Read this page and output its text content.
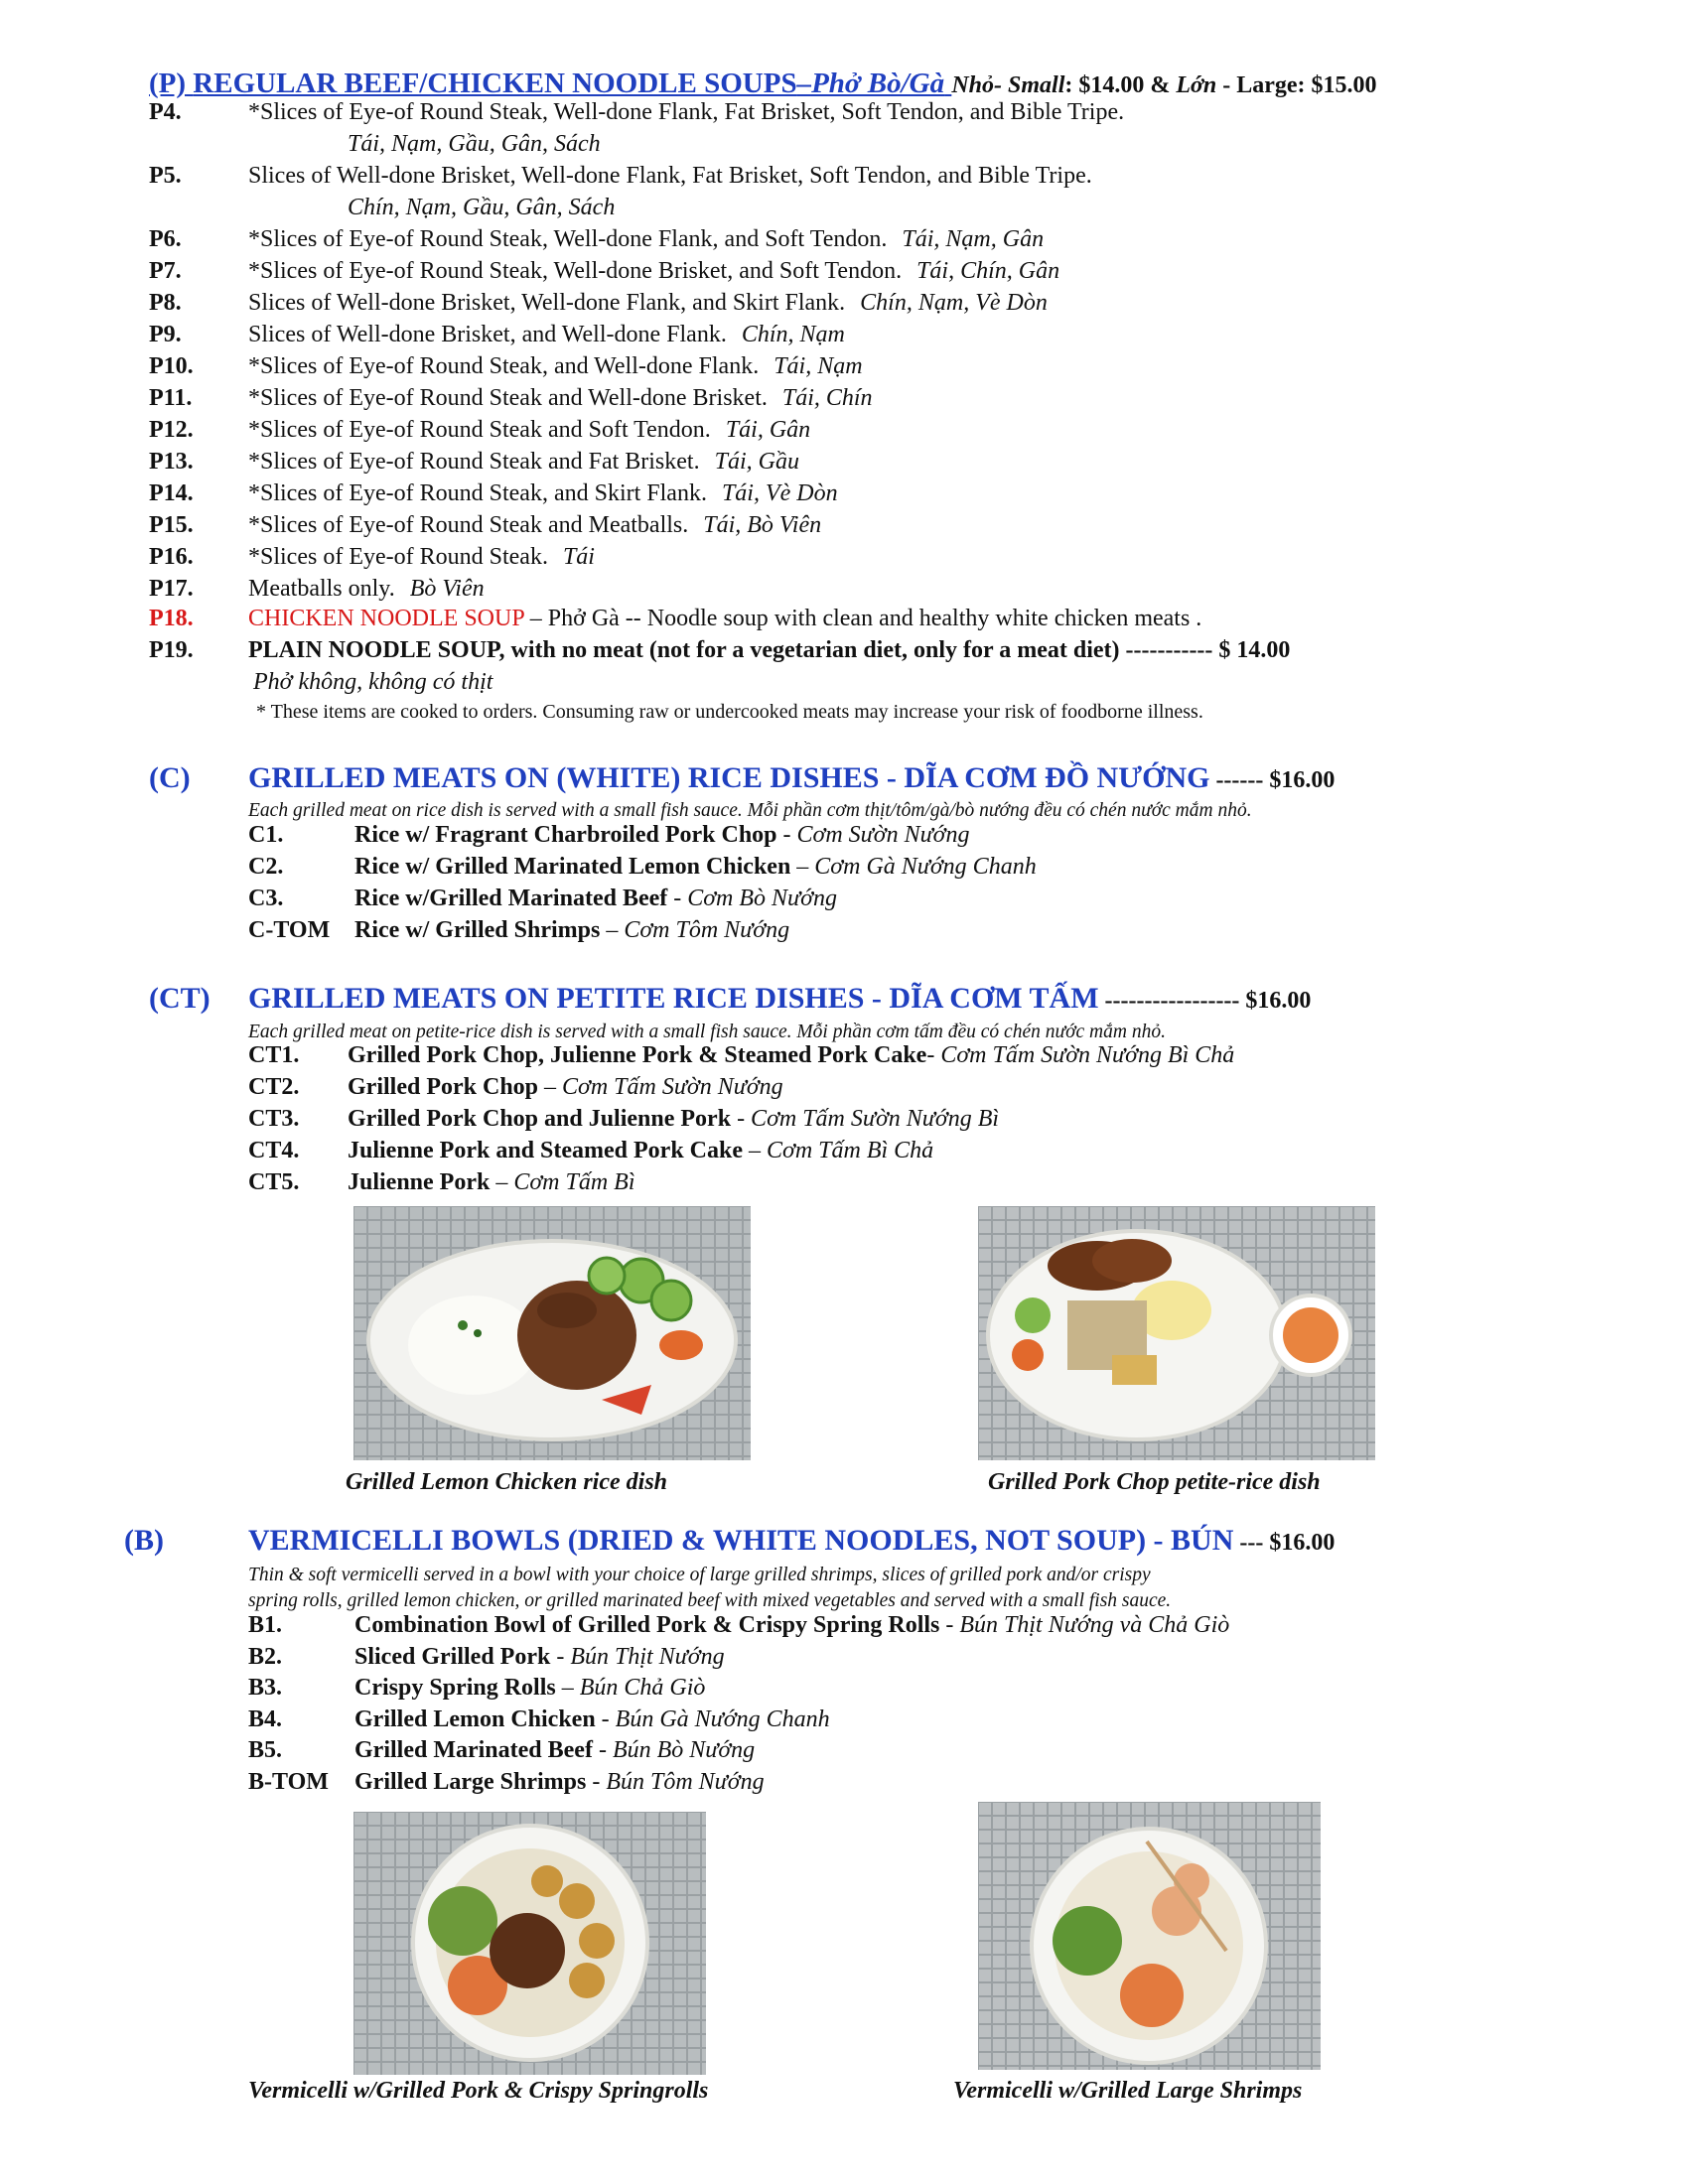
(P) REGULAR BEEF/CHICKEN NOODLE SOUPS–Phở Bò/Gà Nhỏ- Small: $14.00 & Lớn - Large: $15.00
P4.	*Slices of Eye-of Round Steak, Well-done Flank, Fat Brisket, Soft Tendon, and Bible Tripe.
Tái, Nạm, Gầu, Gân, Sách
P5.	Slices of Well-done Brisket, Well-done Flank, Fat Brisket, Soft Tendon, and Bible Tripe.
Chín, Nạm, Gầu, Gân, Sách
P6.	*Slices of Eye-of Round Steak, Well-done Flank, and Soft Tendon. Tái, Nạm, Gân
P7.	*Slices of Eye-of Round Steak, Well-done Brisket, and Soft Tendon. Tái, Chín, Gân
P8.	Slices of Well-done Brisket, Well-done Flank, and Skirt Flank. Chín, Nạm, Vè Dòn
P9.	Slices of Well-done Brisket, and Well-done Flank. Chín, Nạm
P10. *Slices of Eye-of Round Steak, and Well-done Flank. Tái, Nạm
P11. *Slices of Eye-of Round Steak and Well-done Brisket. Tái, Chín
P12. *Slices of Eye-of Round Steak and Soft Tendon. Tái, Gân
P13. *Slices of Eye-of Round Steak and Fat Brisket. Tái, Gầu
P14. *Slices of Eye-of Round Steak, and Skirt Flank. Tái, Vè Dòn
P15. *Slices of Eye-of Round Steak and Meatballs. Tái, Bò Viên
P16. *Slices of Eye-of Round Steak. Tái
P17. Meatballs only. Bò Viên
P18. CHICKEN NOODLE SOUP – Phở Gà -- Noodle soup with clean and healthy white chicken meats .
P19. PLAIN NOODLE SOUP, with no meat (not for a vegetarian diet, only for a meat diet) ----------- $ 14.00
Phở không, không có thịt
* These items are cooked to orders. Consuming raw or undercooked meats may increase your risk of foodborne illness.
(C) GRILLED MEATS ON (WHITE) RICE DISHES - DĨA CƠM ĐỒ NƯỚNG ------ $16.00
Each grilled meat on rice dish is served with a small fish sauce. Mỗi phần cơm thịt/tôm/gà/bò nướng đều có chén nước mắm nhỏ.
C1.	Rice w/ Fragrant Charbroiled Pork Chop - Cơm Sườn Nướng
C2.	Rice w/ Grilled Marinated Lemon Chicken – Cơm Gà Nướng Chanh
C3.	Rice w/Grilled Marinated Beef - Cơm Bò Nướng
C-TOM Rice w/ Grilled Shrimps – Cơm Tôm Nướng
(CT) GRILLED MEATS ON PETITE RICE DISHES - DĨA CƠM TẤM ----------------- $16.00
Each grilled meat on petite-rice dish is served with a small fish sauce. Mỗi phần cơm tấm đều có chén nước mắm nhỏ.
CT1. Grilled Pork Chop, Julienne Pork & Steamed Pork Cake- Cơm Tấm Sườn Nướng Bì Chả
CT2. Grilled Pork Chop – Cơm Tấm Sườn Nướng
CT3. Grilled Pork Chop and Julienne Pork - Cơm Tấm Sườn Nướng Bì
CT4. Julienne Pork and Steamed Pork Cake – Cơm Tấm Bì Chả
CT5. Julienne Pork – Cơm Tấm Bì
Grilled Lemon Chicken rice dish	Grilled Pork Chop petite-rice dish
(B)	VERMICELLI BOWLS (DRIED & WHITE NOODLES, NOT SOUP) - BÚN --- $16.00
Thin & soft vermicelli served in a bowl with your choice of large grilled shrimps, slices of grilled pork and/or crispy
spring rolls, grilled lemon chicken, or grilled marinated beef with mixed vegetables and served with a small fish sauce.
B1.	Combination Bowl of Grilled Pork & Crispy Spring Rolls - Bún Thịt Nướng và Chả Giò
B2.	Sliced Grilled Pork - Bún Thịt Nướng
B3.	Crispy Spring Rolls – Bún Chả Giò
B4.	Grilled Lemon Chicken - Bún Gà Nướng Chanh
B5.	Grilled Marinated Beef - Bún Bò Nướng
B-TOM Grilled Large Shrimps - Bún Tôm Nướng
Vermicelli w/Grilled Pork & Crispy Springrolls	Vermicelli w/Grilled Large Shrimps
